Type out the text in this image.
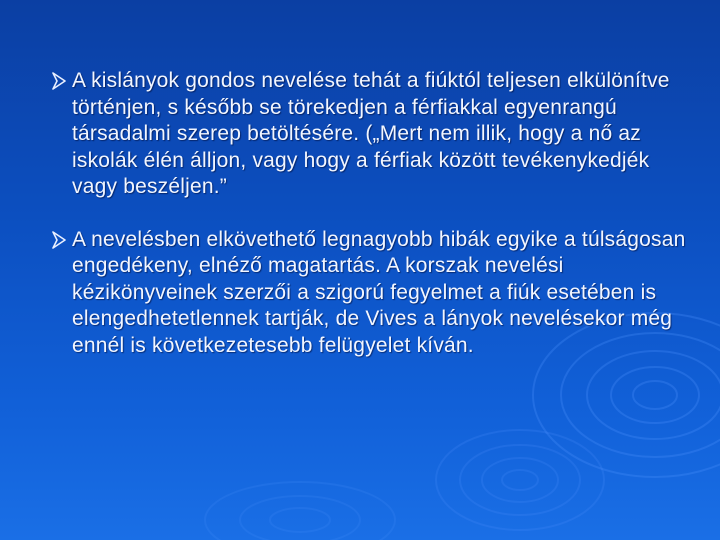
A kislányok gondos nevelése tehát a fiúktól teljesen elkülönítve történjen, s később se törekedjen a férfiakkal egyenrangú társadalmi szerep betöltésére. („Mert nem illik, hogy a nő az iskolák élén álljon, vagy hogy a férfiak között tevékenykedjék vagy beszéljen.”
A nevelésben elkövethető legnagyobb hibák egyike a túlságosan engedékeny, elnéző magatartás. A korszak nevelési kézikönyveinek szerzői a szigorú fegyelmet a fiúk esetében is elengedhetetlennek tartják, de Vives a lányok nevelésekor még ennél is következetesebb felügyelet kíván.
